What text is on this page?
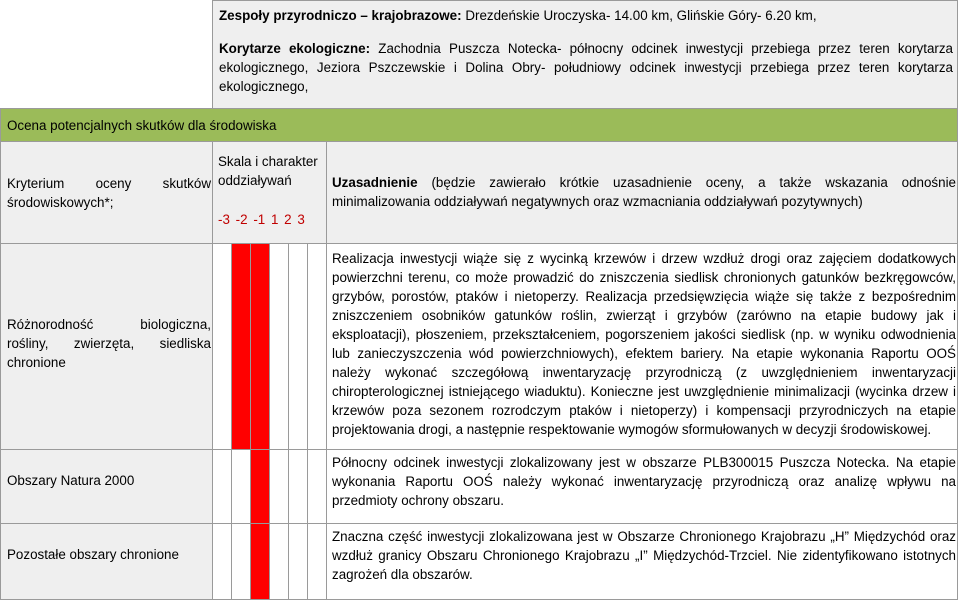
Zespoły przyrodniczo – krajobrazowe: Drezdeńskie Uroczyska- 14.00 km, Glińskie Góry- 6.20 km,
Korytarze ekologiczne: Zachodnia Puszcza Notecka- północny odcinek inwestycji przebiega przez teren korytarza ekologicznego, Jeziora Pszczewskie i Dolina Obry- południowy odcinek inwestycji przebiega przez teren korytarza ekologicznego,
Ocena potencjalnych skutków dla środowiska
Kryterium oceny skutków środowiskowych*;
Skala i charakter oddziaływań
-3 -2 -1 1 2 3
Uzasadnienie (będzie zawierało krótkie uzasadnienie oceny, a także wskazania odnośnie minimalizowania oddziaływań negatywnych oraz wzmacniania oddziaływań pozytywnych)
Różnorodność biologiczna, rośliny, zwierzęta, siedliska chronione
Realizacja inwestycji wiąże się z wycinką krzewów i drzew wzdłuż drogi oraz zajęciem dodatkowych powierzchni terenu, co może prowadzić do zniszczenia siedlisk chronionych gatunków bezkręgowców, grzybów, porostów, ptaków i nietoperzy. Realizacja przedsięwzięcia wiąże się także z bezpośrednim zniszczeniem osobników gatunków roślin, zwierząt i grzybów (zarówno na etapie budowy jak i eksploatacji), płoszeniem, przekształceniem, pogorszeniem jakości siedlisk (np. w wyniku odwodnienia lub zanieczyszczenia wód powierzchniowych), efektem bariery. Na etapie wykonania Raportu OOŚ należy wykonać szczegółową inwentaryzację przyrodniczą (z uwzględnieniem inwentaryzacji chiropterologicznej istniejącego wiaduktu). Konieczne jest uwzględnienie minimalizacji (wycinka drzew i krzewów poza sezonem rozrodczym ptaków i nietoperzy) i kompensacji przyrodniczych na etapie projektowania drogi, a następnie respektowanie wymogów sformułowanych w decyzji środowiskowej.
Obszary Natura 2000
Północny odcinek inwestycji zlokalizowany jest w obszarze PLB300015 Puszcza Notecka. Na etapie wykonania Raportu OOŚ należy wykonać inwentaryzację przyrodniczą oraz analizę wpływu na przedmioty ochrony obszaru.
Pozostałe obszary chronione
Znaczna część inwestycji zlokalizowana jest w Obszarze Chronionego Krajobrazu „H” Międzychód oraz wzdłuż granicy Obszaru Chronionego Krajobrazu „I” Międzychód-Trzciel. Nie zidentyfikowano istotnych zagrożeń dla obszarów.
